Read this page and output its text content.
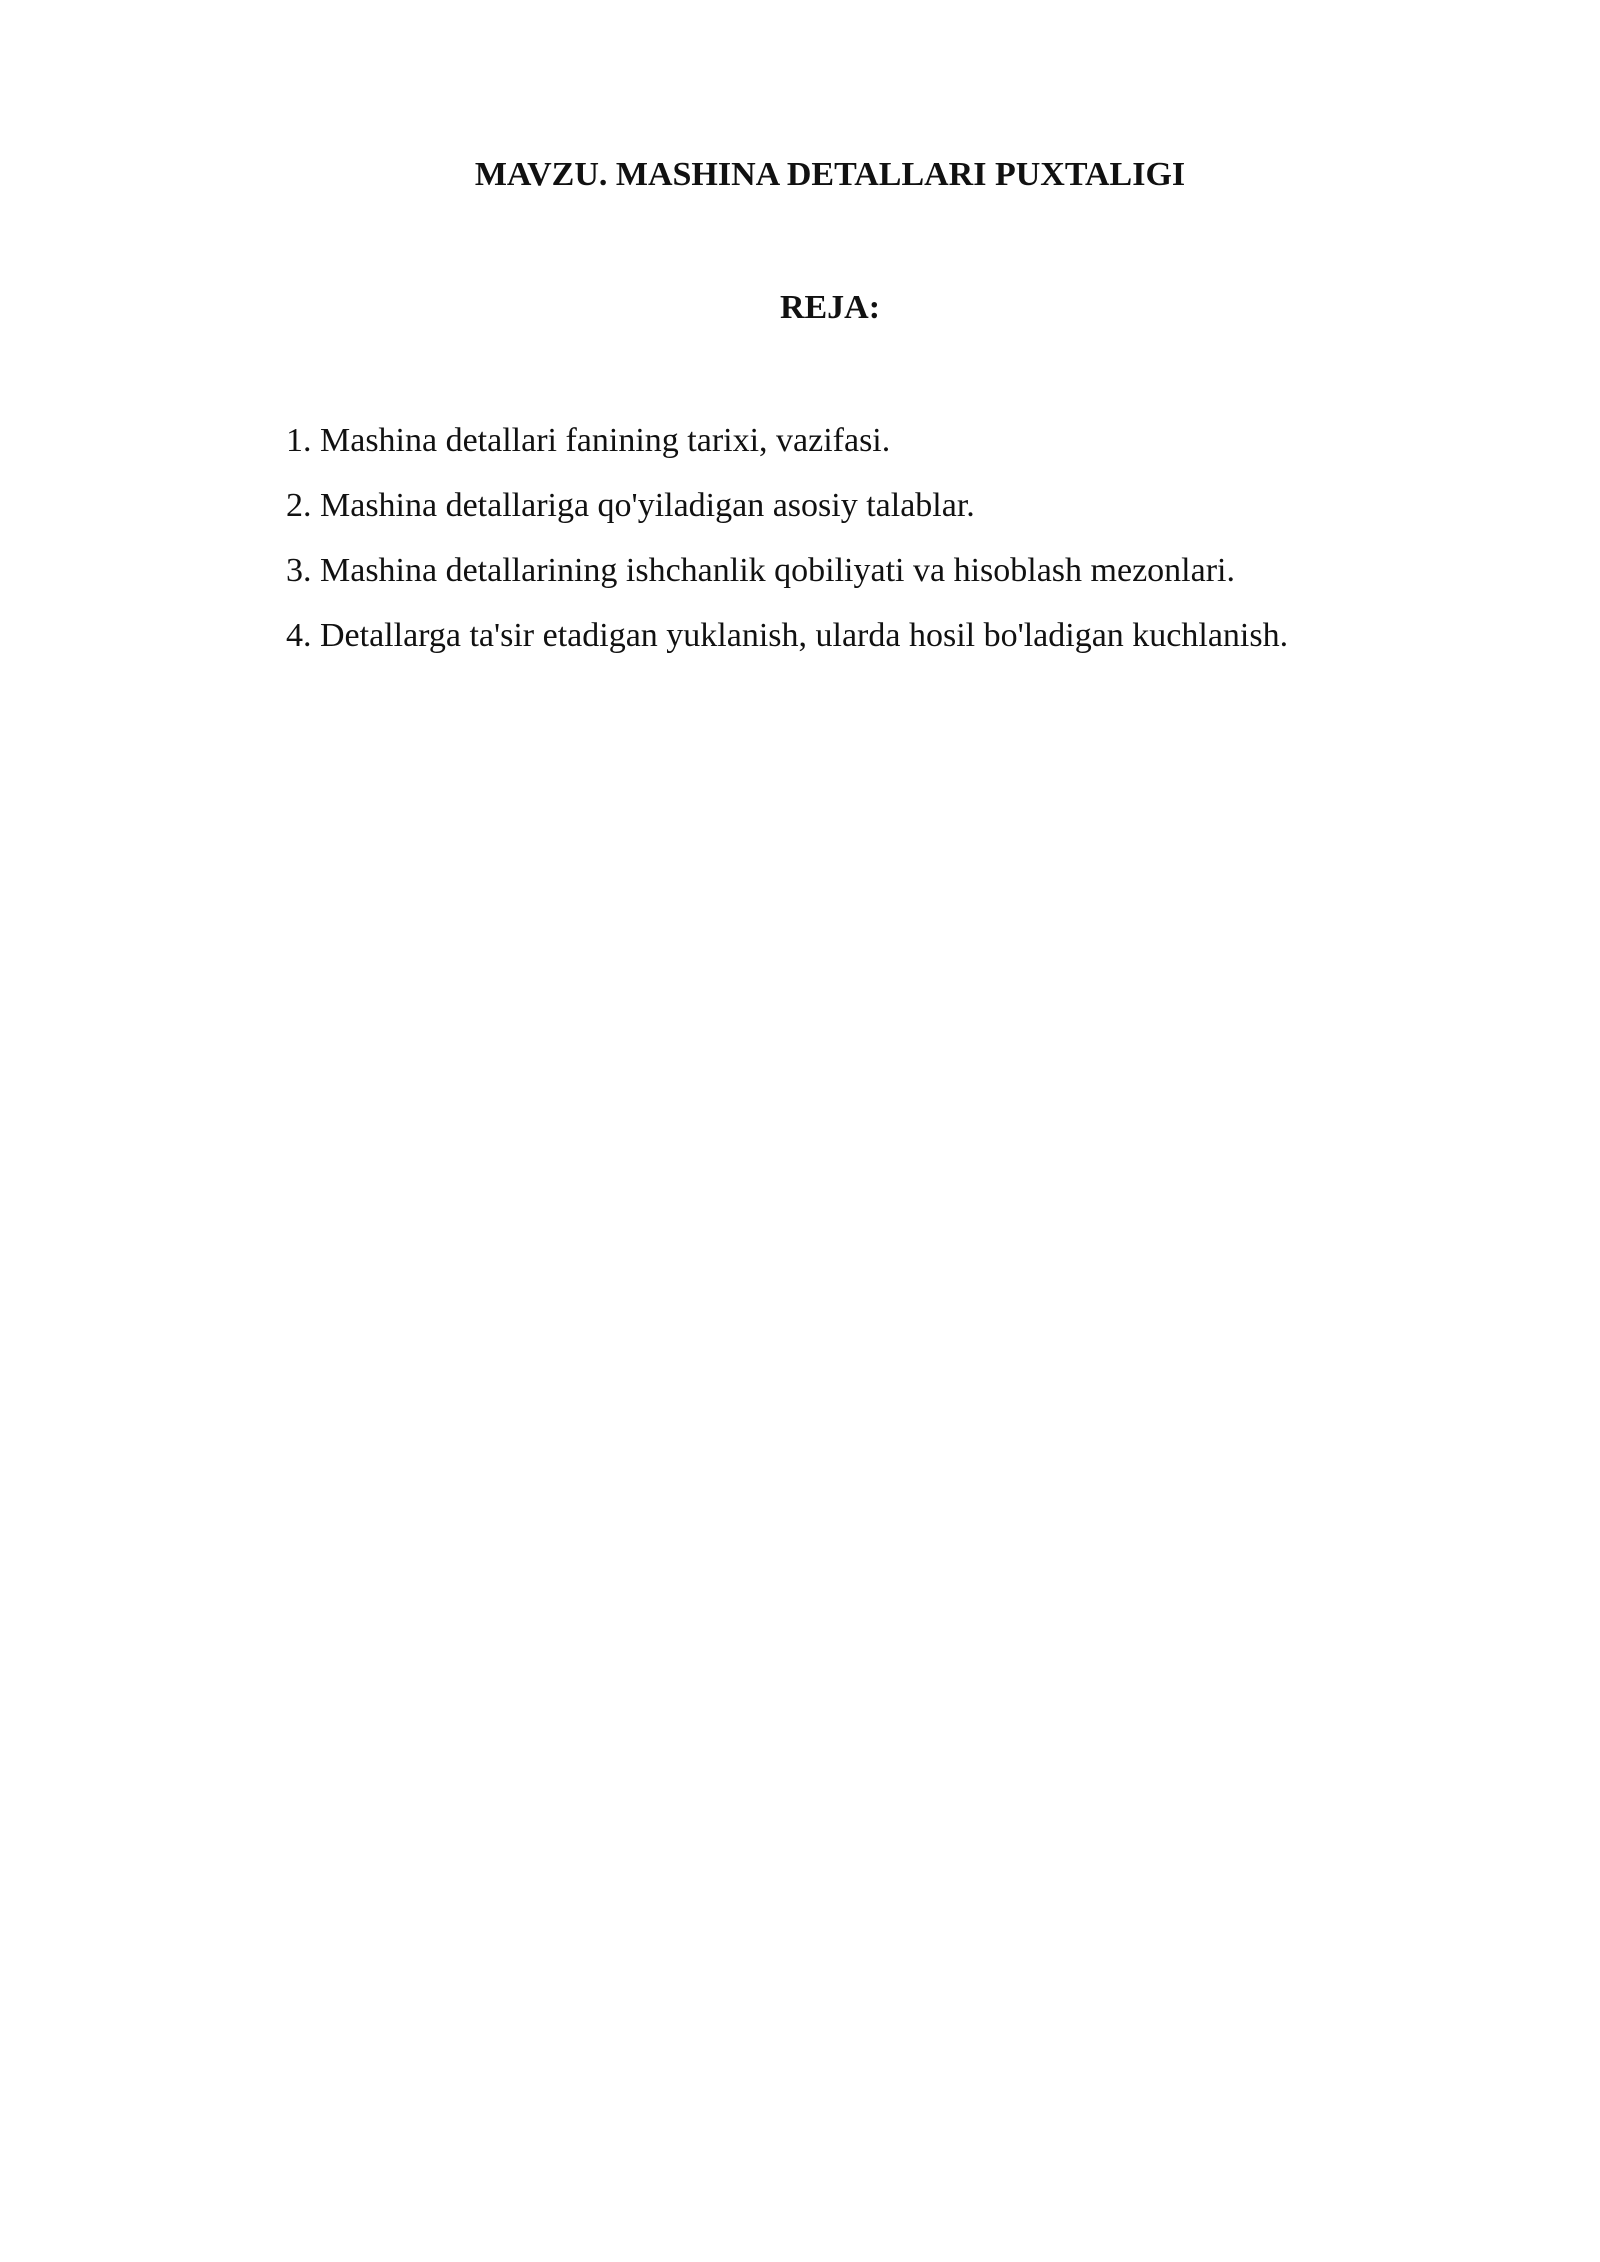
MAVZU. MASHINA DETALLARI PUXTALIGI
REJA:
1. Mashina detallari fanining tarixi, vazifasi.
2. Mashina detallariga qo'yiladigan asosiy talablar.
3. Mashina detallarining ishchanlik qobiliyati va hisoblash mezonlari.
4. Detallarga ta'sir etadigan yuklanish, ularda hosil bo'ladigan kuchlanish.
